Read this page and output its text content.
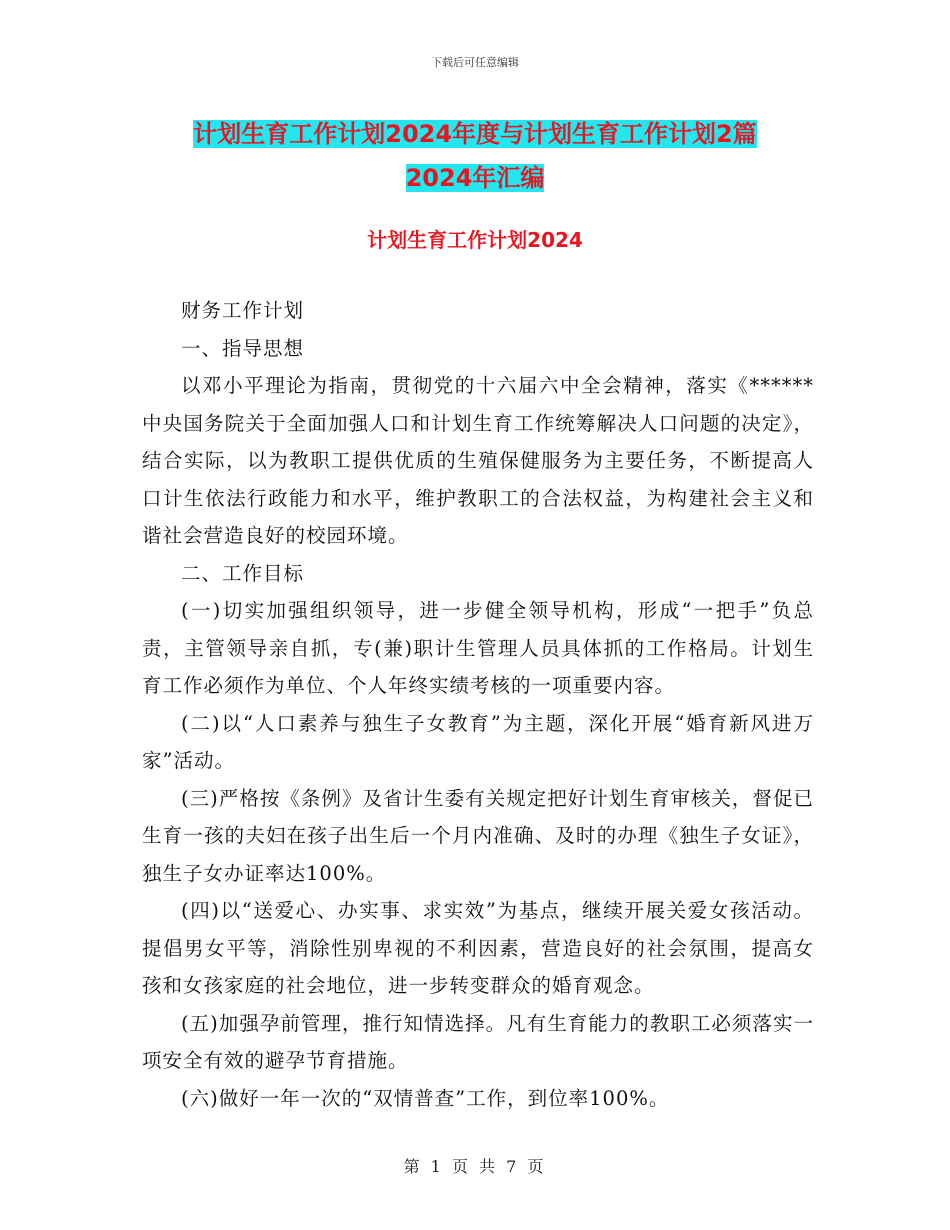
下载后可任意编辑
计划生育工作计划2024年度与计划生育工作计划2篇
2024年汇编
计划生育工作计划2024

财务工作计划

一、指导思想

以邓小平理论为指南，贯彻党的十六届六中全会精神，落实《******中央国务院关于全面加强人口和计划生育工作统筹解决人口问题的决定》，结合实际，以为教职工提供优质的生殖保健服务为主要任务，不断提高人口计生依法行政能力和水平，维护教职工的合法权益，为构建社会主义和谐社会营造良好的校园环境。

二、工作目标

(一)切实加强组织领导，进一步健全领导机构，形成“一把手”负总责，主管领导亲自抓，专(兼)职计生管理人员具体抓的工作格局。计划生育工作必须作为单位、个人年终实绩考核的一项重要内容。

(二)以“人口素养与独生子女教育”为主题，深化开展“婚育新风进万家”活动。

(三)严格按《条例》及省计生委有关规定把好计划生育审核关，督促已生育一孩的夫妇在孩子出生后一个月内准确、及时的办理《独生子女证》，独生子女办证率达100%。

(四)以“送爱心、办实事、求实效”为基点，继续开展关爱女孩活动。提倡男女平等，消除性别卑视的不利因素，营造良好的社会氛围，提高女孩和女孩家庭的社会地位，进一步转变群众的婚育观念。

(五)加强孕前管理，推行知情选择。凡有生育能力的教职工必须落实一项安全有效的避孕节育措施。

(六)做好一年一次的“双情普查”工作，到位率100%。

第 1 页 共 7 页
